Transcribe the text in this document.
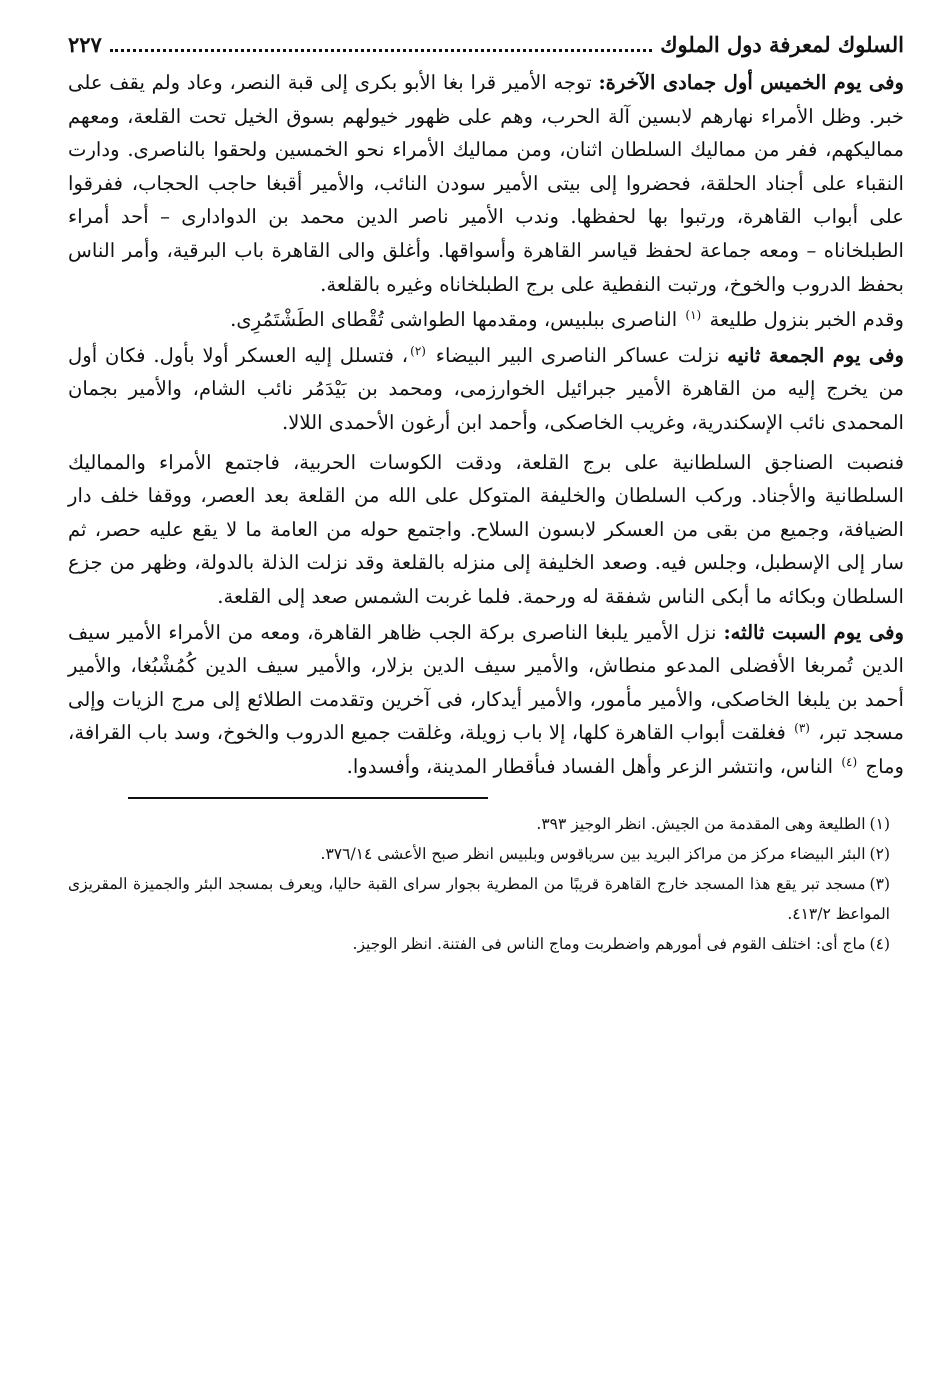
السلوك لمعرفة دول الملوك
٢٢٧

وفى يوم الخميس أول جمادى الآخرة: توجه الأمير قرا بغا الأبو بكرى إلى قبة النصر، وعاد ولم يقف على خبر. وظل الأمراء نهارهم لابسين آلة الحرب، وهم على ظهور خيولهم بسوق الخيل تحت القلعة، ومعهم مماليكهم، ففر من مماليك السلطان اثنان، ومن مماليك الأمراء نحو الخمسين ولحقوا بالناصرى. ودارت النقباء على أجناد الحلقة، فحضروا إلى بيتى الأمير سودن النائب، والأمير أقبغا حاجب الحجاب، ففرقوا على أبواب القاهرة، ورتبوا بها لحفظها. وندب الأمير ناصر الدين محمد بن الدوادارى – أحد أمراء الطبلخاناه – ومعه جماعة لحفظ قياسر القاهرة وأسواقها. وأغلق والى القاهرة باب البرقية، وأمر الناس بحفظ الدروب والخوخ، ورتبت النفطية على برج الطبلخاناه وغيره بالقلعة.

وقدم الخبر بنزول طليعة $^{(١)}$ الناصرى ببلبيس، ومقدمها الطواشى تُقْطاى الطَشْتَمُرِى.

وفى يوم الجمعة ثانيه نزلت عساكر الناصرى البير البيضاء $^{(٢)}$، فتسلل إليه العسكر أولا بأول. فكان أول من يخرج إليه من القاهرة الأمير جبرائيل الخوارزمى، ومحمد بن بَيْدَمُر نائب الشام، والأمير بجمان المحمدى نائب الإسكندرية، وغريب الخاصكى، وأحمد ابن أرغون الأحمدى اللالا.

فنصبت الصناجق السلطانية على برج القلعة، ودقت الكوسات الحربية، فاجتمع الأمراء والمماليك السلطانية والأجناد. وركب السلطان والخليفة المتوكل على الله من القلعة بعد العصر، ووقفا خلف دار الضيافة، وجميع من بقى من العسكر لابسون السلاح. واجتمع حوله من العامة ما لا يقع عليه حصر، ثم سار إلى الإسطبل، وجلس فيه. وصعد الخليفة إلى منزله بالقلعة وقد نزلت الذلة بالدولة، وظهر من جزع السلطان وبكائه ما أبكى الناس شفقة له ورحمة. فلما غربت الشمس صعد إلى القلعة.

وفى يوم السبت ثالثه: نزل الأمير يلبغا الناصرى بركة الجب ظاهر القاهرة، ومعه من الأمراء الأمير سيف الدين تُمربغا الأفضلى المدعو منطاش، والأمير سيف الدين بزلار، والأمير سيف الدين كُمُشْبُغا، والأمير أحمد بن يلبغا الخاصكى، والأمير مأمور، والأمير أيدكار، فى آخرين وتقدمت الطلائع إلى مرج الزيات وإلى مسجد تبر، $^{(٣)}$ فغلقت أبواب القاهرة كلها، إلا باب زويلة، وغلقت جميع الدروب والخوخ، وسد باب القرافة، وماج $^{(٤)}$ الناس، وانتشر الزعر وأهل الفساد فىأقطار المدينة، وأفسدوا.

(١)الطليعة وهى المقدمة من الجيش. انظر الوجيز ٣٩٣.
(٢)البئر البيضاء مركز من مراكز البريد بين سرياقوس وبلبيس انظر صبح الأعشى ٣٧٦/١٤.
(٣)مسجد تبر يقع هذا المسجد خارج القاهرة قريبًا من المطرية بجوار سراى القبة حاليا، ويعرف بمسجد البئر والجميزة المقريزى المواعظ ٤١٣/٢.
(٤)ماج أى: اختلف القوم فى أمورهم واضطربت وماج الناس فى الفتنة. انظر الوجيز.
